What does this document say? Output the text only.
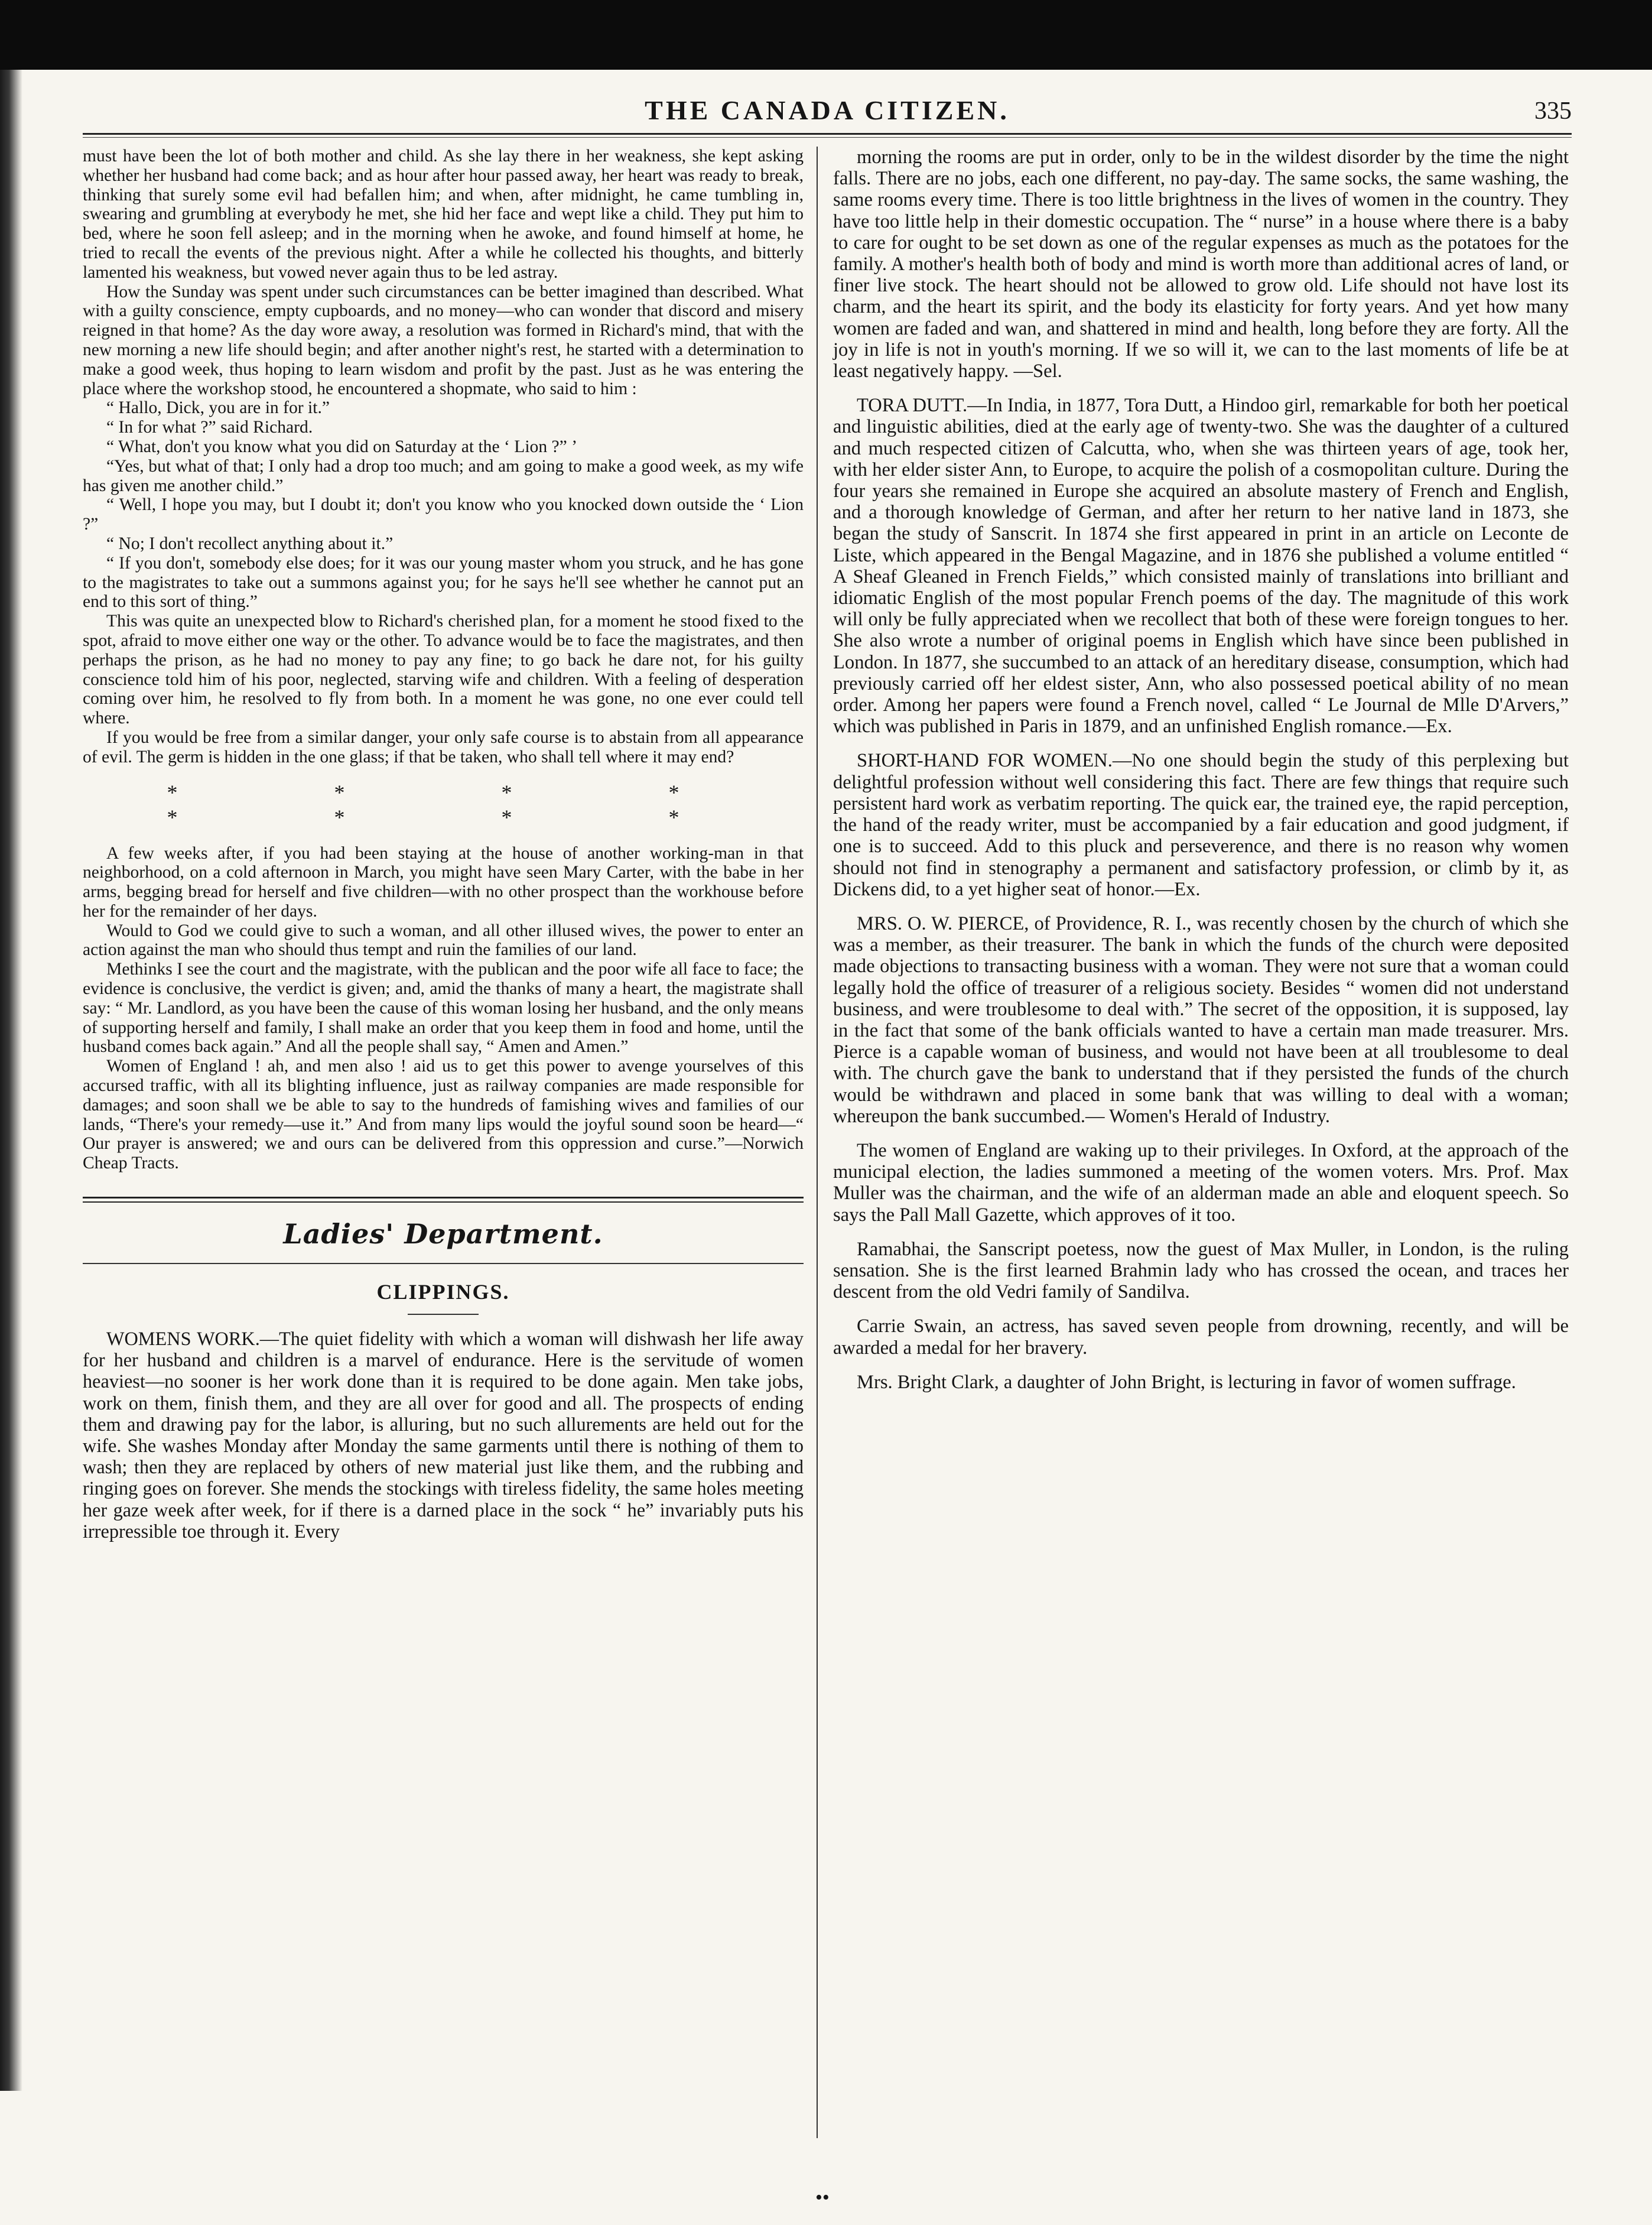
THE CANADA CITIZEN.	335

must have been the lot of both mother and child. As she lay there in her weakness, she kept asking whether her husband had come back; and as hour after hour passed away, her heart was ready to break, thinking that surely some evil had befallen him; and when, after midnight, he came tumbling in, swearing and grumbling at everybody he met, she hid her face and wept like a child. They put him to bed, where he soon fell asleep; and in the morning when he awoke, and found himself at home, he tried to recall the events of the previous night. After a while he collected his thoughts, and bitterly lamented his weakness, but vowed never again thus to be led astray.

How the Sunday was spent under such circumstances can be better imagined than described. What with a guilty conscience, empty cupboards, and no money—who can wonder that discord and misery reigned in that home? As the day wore away, a resolution was formed in Richard's mind, that with the new morning a new life should begin; and after another night's rest, he started with a determination to make a good week, thus hoping to learn wisdom and profit by the past. Just as he was entering the place where the workshop stood, he encountered a shopmate, who said to him :

“ Hallo, Dick, you are in for it.”

“ In for what ?” said Richard.

“ What, don't you know what you did on Saturday at the ‘ Lion ?” ’

“Yes, but what of that; I only had a drop too much; and am going to make a good week, as my wife has given me another child.”

“ Well, I hope you may, but I doubt it; don't you know who you knocked down outside the ‘ Lion ?”

“ No; I don't recollect anything about it.”

“ If you don't, somebody else does; for it was our young master whom you struck, and he has gone to the magistrates to take out a summons against you; for he says he'll see whether he cannot put an end to this sort of thing.”

This was quite an unexpected blow to Richard's cherished plan, for a moment he stood fixed to the spot, afraid to move either one way or the other. To advance would be to face the magistrates, and then perhaps the prison, as he had no money to pay any fine; to go back he dare not, for his guilty conscience told him of his poor, neglected, starving wife and children. With a feeling of desperation coming over him, he resolved to fly from both. In a moment he was gone, no one ever could tell where.

If you would be free from a similar danger, your only safe course is to abstain from all appearance of evil. The germ is hidden in the one glass; if that be taken, who shall tell where it may end?

* * * * * * * *

A few weeks after, if you had been staying at the house of another working-man in that neighborhood, on a cold afternoon in March, you might have seen Mary Carter, with the babe in her arms, begging bread for herself and five children—with no other prospect than the workhouse before her for the remainder of her days.

Would to God we could give to such a woman, and all other illused wives, the power to enter an action against the man who should thus tempt and ruin the families of our land.

Methinks I see the court and the magistrate, with the publican and the poor wife all face to face; the evidence is conclusive, the verdict is given; and, amid the thanks of many a heart, the magistrate shall say: “ Mr. Landlord, as you have been the cause of this woman losing her husband, and the only means of supporting herself and family, I shall make an order that you keep them in food and home, until the husband comes back again.” And all the people shall say, “ Amen and Amen.”

Women of England ! ah, and men also ! aid us to get this power to avenge yourselves of this accursed traffic, with all its blighting influence, just as railway companies are made responsible for damages; and soon shall we be able to say to the hundreds of famishing wives and families of our lands, “There's your remedy—use it.” And from many lips would the joyful sound soon be heard—“ Our prayer is answered; we and ours can be delivered from this oppression and curse.”—Norwich Cheap Tracts.

Ladies' Department.
CLIPPINGS.

WOMENS WORK.—The quiet fidelity with which a woman will dishwash her life away for her husband and children is a marvel of endurance. Here is the servitude of women heaviest—no sooner is her work done than it is required to be done again. Men take jobs, work on them, finish them, and they are all over for good and all. The prospects of ending them and drawing pay for the labor, is alluring, but no such allurements are held out for the wife. She washes Monday after Monday the same garments until there is nothing of them to wash; then they are replaced by others of new material just like them, and the rubbing and ringing goes on forever. She mends the stockings with tireless fidelity, the same holes meeting her gaze week after week, for if there is a darned place in the sock “ he” invariably puts his irrepressible toe through it. Every

morning the rooms are put in order, only to be in the wildest disorder by the time the night falls. There are no jobs, each one different, no pay-day. The same socks, the same washing, the same rooms every time. There is too little brightness in the lives of women in the country. They have too little help in their domestic occupation. The “ nurse” in a house where there is a baby to care for ought to be set down as one of the regular expenses as much as the potatoes for the family. A mother's health both of body and mind is worth more than additional acres of land, or finer live stock. The heart should not be allowed to grow old. Life should not have lost its charm, and the heart its spirit, and the body its elasticity for forty years. And yet how many women are faded and wan, and shattered in mind and health, long before they are forty. All the joy in life is not in youth's morning. If we so will it, we can to the last moments of life be at least negatively happy. —Sel.

TORA DUTT.—In India, in 1877, Tora Dutt, a Hindoo girl, remarkable for both her poetical and linguistic abilities, died at the early age of twenty-two. She was the daughter of a cultured and much respected citizen of Calcutta, who, when she was thirteen years of age, took her, with her elder sister Ann, to Europe, to acquire the polish of a cosmopolitan culture. During the four years she remained in Europe she acquired an absolute mastery of French and English, and a thorough knowledge of German, and after her return to her native land in 1873, she began the study of Sanscrit. In 1874 she first appeared in print in an article on Leconte de Liste, which appeared in the Bengal Magazine, and in 1876 she published a volume entitled “ A Sheaf Gleaned in French Fields,” which consisted mainly of translations into brilliant and idiomatic English of the most popular French poems of the day. The magnitude of this work will only be fully appreciated when we recollect that both of these were foreign tongues to her. She also wrote a number of original poems in English which have since been published in London. In 1877, she succumbed to an attack of an hereditary disease, consumption, which had previously carried off her eldest sister, Ann, who also possessed poetical ability of no mean order. Among her papers were found a French novel, called “ Le Journal de Mlle D'Arvers,” which was published in Paris in 1879, and an unfinished English romance.—Ex.

SHORT-HAND FOR WOMEN.—No one should begin the study of this perplexing but delightful profession without well considering this fact. There are few things that require such persistent hard work as verbatim reporting. The quick ear, the trained eye, the rapid perception, the hand of the ready writer, must be accompanied by a fair education and good judgment, if one is to succeed. Add to this pluck and perseverence, and there is no reason why women should not find in stenography a permanent and satisfactory profession, or climb by it, as Dickens did, to a yet higher seat of honor.—Ex.

MRS. O. W. PIERCE, of Providence, R. I., was recently chosen by the church of which she was a member, as their treasurer. The bank in which the funds of the church were deposited made objections to transacting business with a woman. They were not sure that a woman could legally hold the office of treasurer of a religious society. Besides “ women did not understand business, and were troublesome to deal with.” The secret of the opposition, it is supposed, lay in the fact that some of the bank officials wanted to have a certain man made treasurer. Mrs. Pierce is a capable woman of business, and would not have been at all troublesome to deal with. The church gave the bank to understand that if they persisted the funds of the church would be withdrawn and placed in some bank that was willing to deal with a woman; whereupon the bank succumbed.— Women's Herald of Industry.

The women of England are waking up to their privileges. In Oxford, at the approach of the municipal election, the ladies summoned a meeting of the women voters. Mrs. Prof. Max Muller was the chairman, and the wife of an alderman made an able and eloquent speech. So says the Pall Mall Gazette, which approves of it too.

Ramabhai, the Sanscript poetess, now the guest of Max Muller, in London, is the ruling sensation. She is the first learned Brahmin lady who has crossed the ocean, and traces her descent from the old Vedri family of Sandilva.

Carrie Swain, an actress, has saved seven people from drowning, recently, and will be awarded a medal for her bravery.

Mrs. Bright Clark, a daughter of John Bright, is lecturing in favor of women suffrage.

••
